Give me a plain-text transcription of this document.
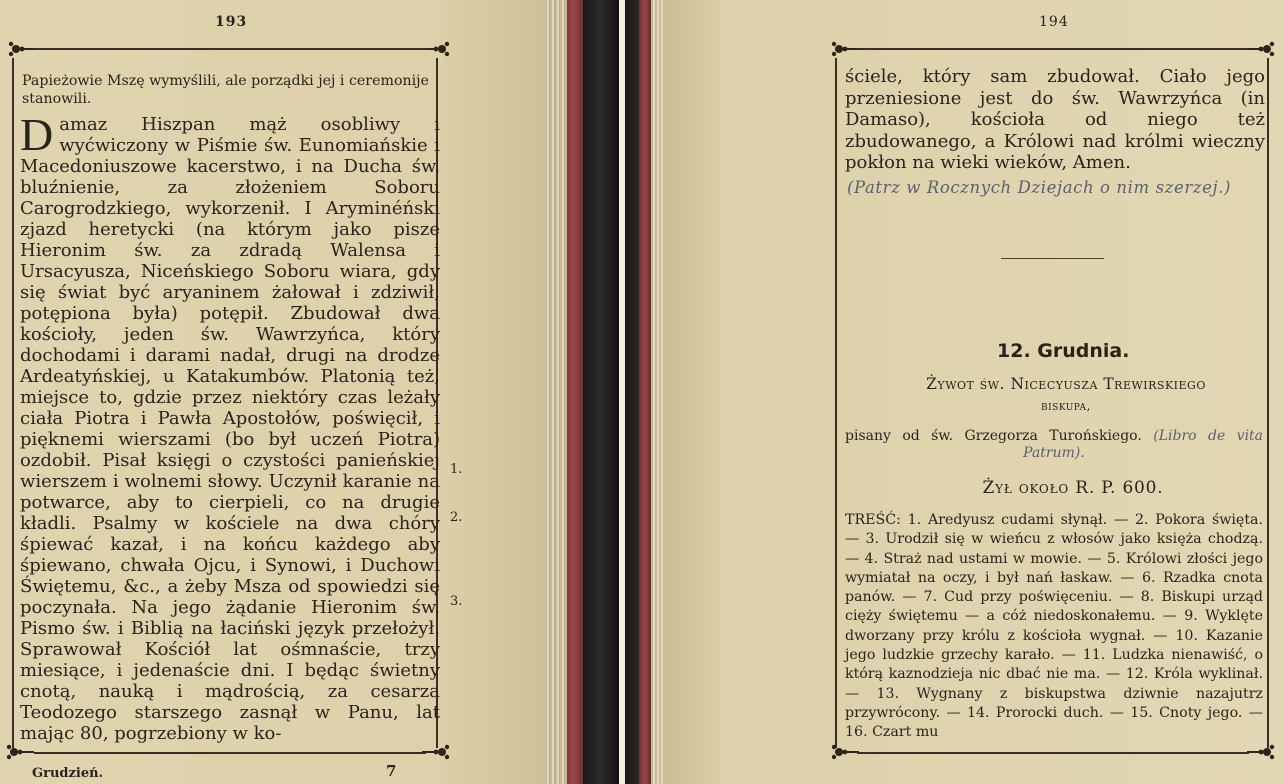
193
Papieżowie Mszę wymyślili, ale porządki jej i ceremonije stanowili.
Damaz Hiszpan mąż osobliwy i wyćwiczony w Piśmie św. Eunomiańskie i Macedoniuszowe kacerstwo, i na Ducha św. bluźnienie, za złożeniem Soboru Carogrodzkiego, wykorzenił. I Aryminéński zjazd heretycki (na którym jako pisze Hieronim św. za zdradą Walensa i Ursacyusza, Niceńskiego Soboru wiara, gdy się świat być aryaninem żałował i zdziwił, potępiona była) potępił. Zbudował dwa kościoły, jeden św. Wawrzyńca, który dochodami i darami nadał, drugi na drodze Ardeatyńskiej, u Katakumbów. Platonią też, miejsce to, gdzie przez niektóry czas leżały ciała Piotra i Pawła Apostołów, poświęcił, i pięknemi wierszami (bo był uczeń Piotra) ozdobił. Pisał księgi o czystości panieńskiej wierszem i wolnemi słowy. Uczynił karanie na potwarce, aby to cierpieli, co na drugie kładli. Psalmy w kościele na dwa chóry śpiewać kazał, i na końcu każdego aby śpiewano, chwała Ojcu, i Synowi, i Duchowi Świętemu, &c., a żeby Msza od spowiedzi się poczynała. Na jego żądanie Hieronim św. Pismo św. i Biblią na łaciński język przełożył. Sprawował Kościół lat ośmnaście, trzy miesiące, i jedenaście dni. I będąc świetny cnotą, nauką i mądrością, za cesarza Teodozego starszego zasnął w Panu, lat mając 80, pogrzebiony w ko-
1.
2.
3.
Grudzień.	7
194
ściele, który sam zbudował. Ciało jego przeniesione jest do św. Wawrzyńca (in Damaso), kościoła od niego też zbudowanego, a Królowi nad królmi wieczny pokłon na wieki wieków, Amen.
(Patrz w Rocznych Dziejach o nim szerzej.)
12. Grudnia.
Żywot św. Nicecyusza Trewirskiego
biskupa,
pisany od św. Grzegorza Turońskiego. (Libro de vita Patrum).
Żył około R. P. 600.
TREŚĆ: 1. Aredyusz cudami słynął. — 2. Pokora święta. — 3. Urodził się w wieńcu z włosów jako księża chodzą. — 4. Straż nad ustami w mowie. — 5. Królowi złości jego wymiatał na oczy, i był nań łaskaw. — 6. Rzadka cnota panów. — 7. Cud przy poświęceniu. — 8. Biskupi urząd cięży świętemu — a cóż niedoskonałemu. — 9. Wyklęte dworzany przy królu z kościoła wygnał. — 10. Kazanie jego ludzkie grzechy karało. — 11. Ludzka nienawiść, o którą kaznodzieja nic dbać nie ma. — 12. Króla wyklinał. — 13. Wygnany z biskupstwa dziwnie nazajutrz przywrócony. — 14. Prorocki duch. — 15. Cnoty jego. — 16. Czart mu
